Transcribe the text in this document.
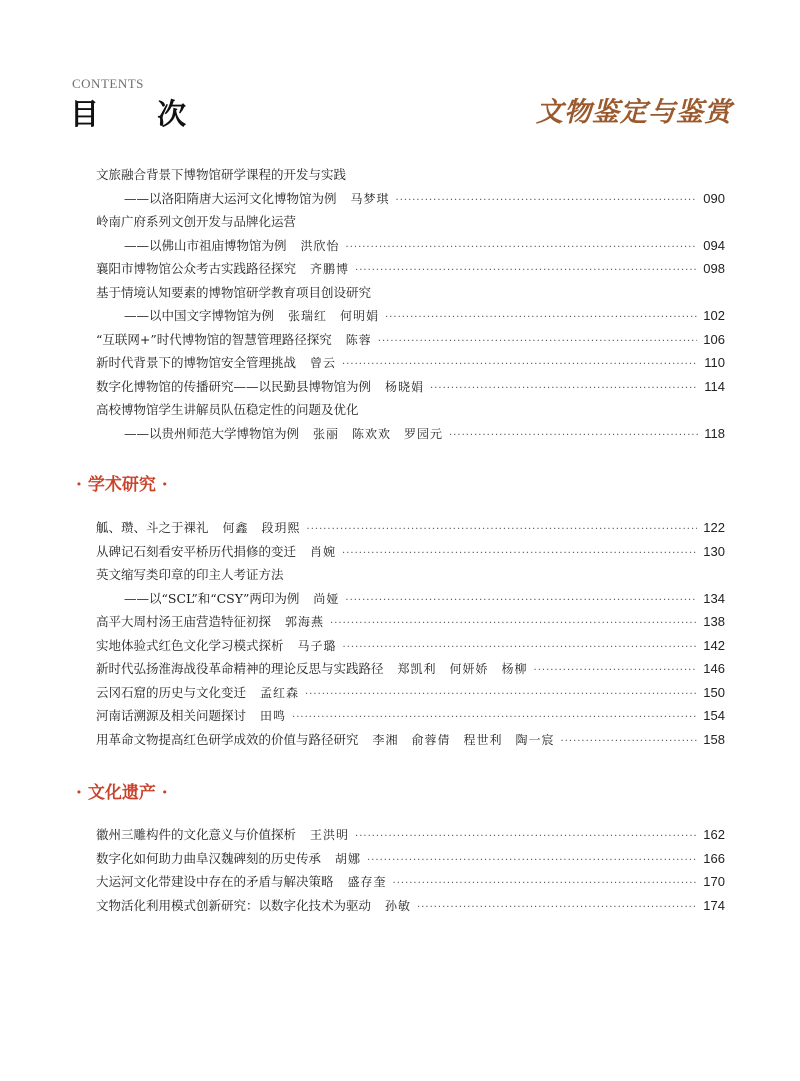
CONTENTS
目 次	文物鉴定与鉴赏
文旅融合背景下博物馆研学课程的开发与实践
——以洛阳隋唐大运河文化博物馆为例 马梦琪 ·····	090
岭南广府系列文创开发与品牌化运营
——以佛山市祖庙博物馆为例 洪欣怡 ·····	094
襄阳市博物馆公众考古实践路径探究 齐鹏博 ·····	098
基于情境认知要素的博物馆研学教育项目创设研究
——以中国文字博物馆为例 张瑞红　何明娟 ·····	102
“互联网+”时代博物馆的智慧管理路径探究 陈蓉 ·····	106
新时代背景下的博物馆安全管理挑战 曾云 ·····	110
数字化博物馆的传播研究——以民勤县博物馆为例 杨晓娟 ·····	114
高校博物馆学生讲解员队伍稳定性的问题及优化
——以贵州师范大学博物馆为例 张丽　陈欢欢　罗园元 ·····	118
· 学术研究 ·
觚、瓒、斗之于祼礼 何鑫　段玥熙 ·····	122
从碑记石刻看安平桥历代捐修的变迁 肖婉 ·····	130
英文缩写类印章的印主人考证方法
——以“SCL”和“CSY”两印为例 尚娅 ·····	134
高平大周村汤王庙营造特征初探 郭海燕 ·····	138
实地体验式红色文化学习模式探析 马子璐 ·····	142
新时代弘扬淮海战役革命精神的理论反思与实践路径 郑凯利　何妍娇　杨柳 ·····	146
云冈石窟的历史与文化变迁 孟红森 ·····	150
河南话溯源及相关问题探讨 田鸣 ·····	154
用革命文物提高红色研学成效的价值与路径研究 李湘　俞蓉倩　程世利　陶一宸 ·····	158
· 文化遗产 ·
徽州三雕构件的文化意义与价值探析 王洪明 ·····	162
数字化如何助力曲阜汉魏碑刻的历史传承 胡娜 ·····	166
大运河文化带建设中存在的矛盾与解决策略 盛存奎 ·····	170
文物活化利用模式创新研究：以数字化技术为驱动 孙敏 ·····	174
